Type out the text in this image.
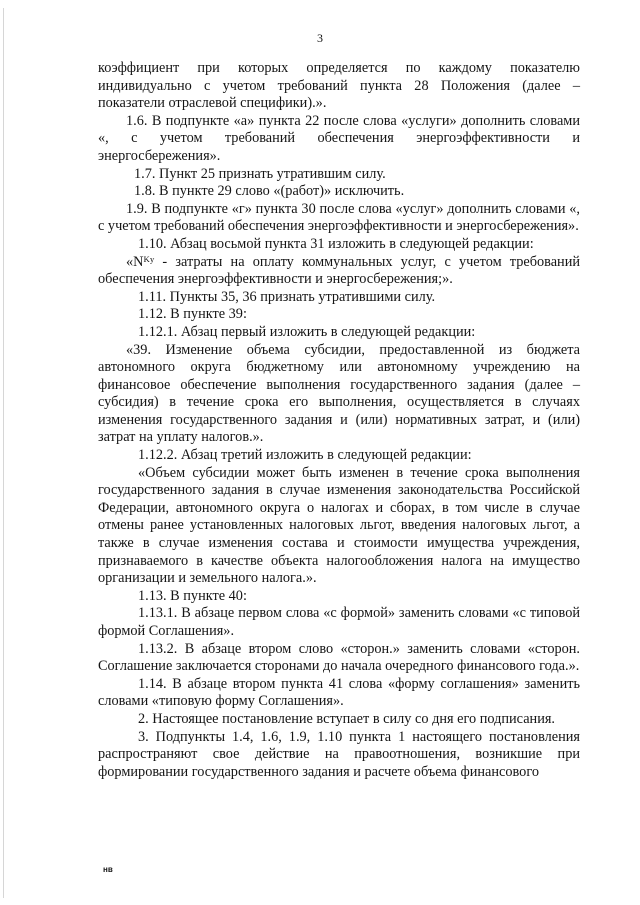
3

коэффициент при которых определяется по каждому показателю индивидуально с учетом требований пункта 28 Положения (далее – показатели отраслевой специфики).».

1.6. В подпункте «а» пункта 22 после слова «услуги» дополнить словами «, с учетом требований обеспечения энергоэффективности и энергосбережения».

1.7. Пункт 25 признать утратившим силу.

1.8. В пункте 29 слово «(работ)» исключить.

1.9. В подпункте «г» пункта 30 после слова «услуг» дополнить словами «, с учетом требований обеспечения энергоэффективности и энергосбережения».

1.10. Абзац восьмой пункта 31 изложить в следующей редакции:

«Nᴷʸ - затраты на оплату коммунальных услуг, с учетом требований обеспечения энергоэффективности и энергосбережения;».

1.11. Пункты 35, 36 признать утратившими силу.

1.12. В пункте 39:

1.12.1. Абзац первый изложить в следующей редакции:

«39. Изменение объема субсидии, предоставленной из бюджета автономного округа бюджетному или автономному учреждению на финансовое обеспечение выполнения государственного задания (далее – субсидия) в течение срока его выполнения, осуществляется в случаях изменения государственного задания и (или) нормативных затрат, и (или) затрат на уплату налогов.».

1.12.2. Абзац третий изложить в следующей редакции:

«Объем субсидии может быть изменен в течение срока выполнения государственного задания в случае изменения законодательства Российской Федерации, автономного округа о налогах и сборах, в том числе в случае отмены ранее установленных налоговых льгот, введения налоговых льгот, а также в случае изменения состава и стоимости имущества учреждения, признаваемого в качестве объекта налогообложения налога на имущество организации и земельного налога.».

1.13. В пункте 40:

1.13.1. В абзаце первом слова «с формой» заменить словами «с типовой формой Соглашения».

1.13.2. В абзаце втором слово «сторон.» заменить словами «сторон. Соглашение заключается сторонами до начала очередного финансового года.».

1.14. В абзаце втором пункта 41 слова «форму соглашения» заменить словами «типовую форму Соглашения».

2. Настоящее постановление вступает в силу со дня его подписания.

3. Подпункты 1.4, 1.6, 1.9, 1.10 пункта 1 настоящего постановления распространяют свое действие на правоотношения, возникшие при формировании государственного задания и расчете объема финансового

нв
